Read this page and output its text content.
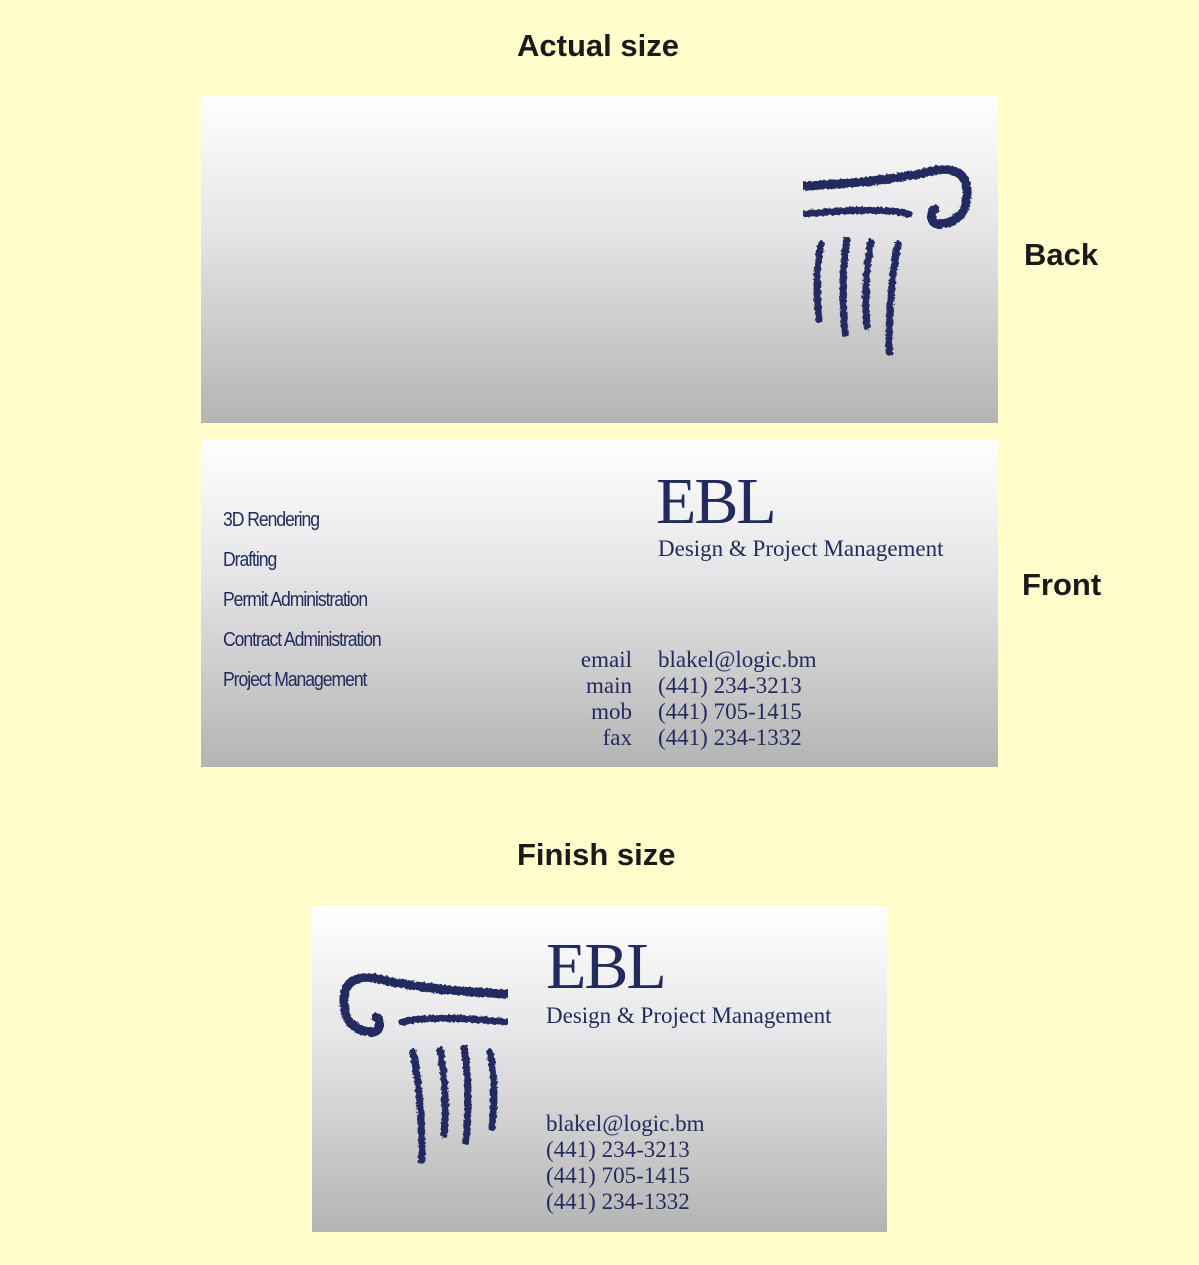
Actual size
Back
3D Rendering
Drafting
Permit Administration
Contract Administration
Project Management
EBL
Design & Project Management
email blakel@logic.bm
main (441) 234-3213
mob (441) 705-1415
fax (441) 234-1332
Front
Finish size
EBL
Design & Project Management
blakel@logic.bm
(441) 234-3213
(441) 705-1415
(441) 234-1332
